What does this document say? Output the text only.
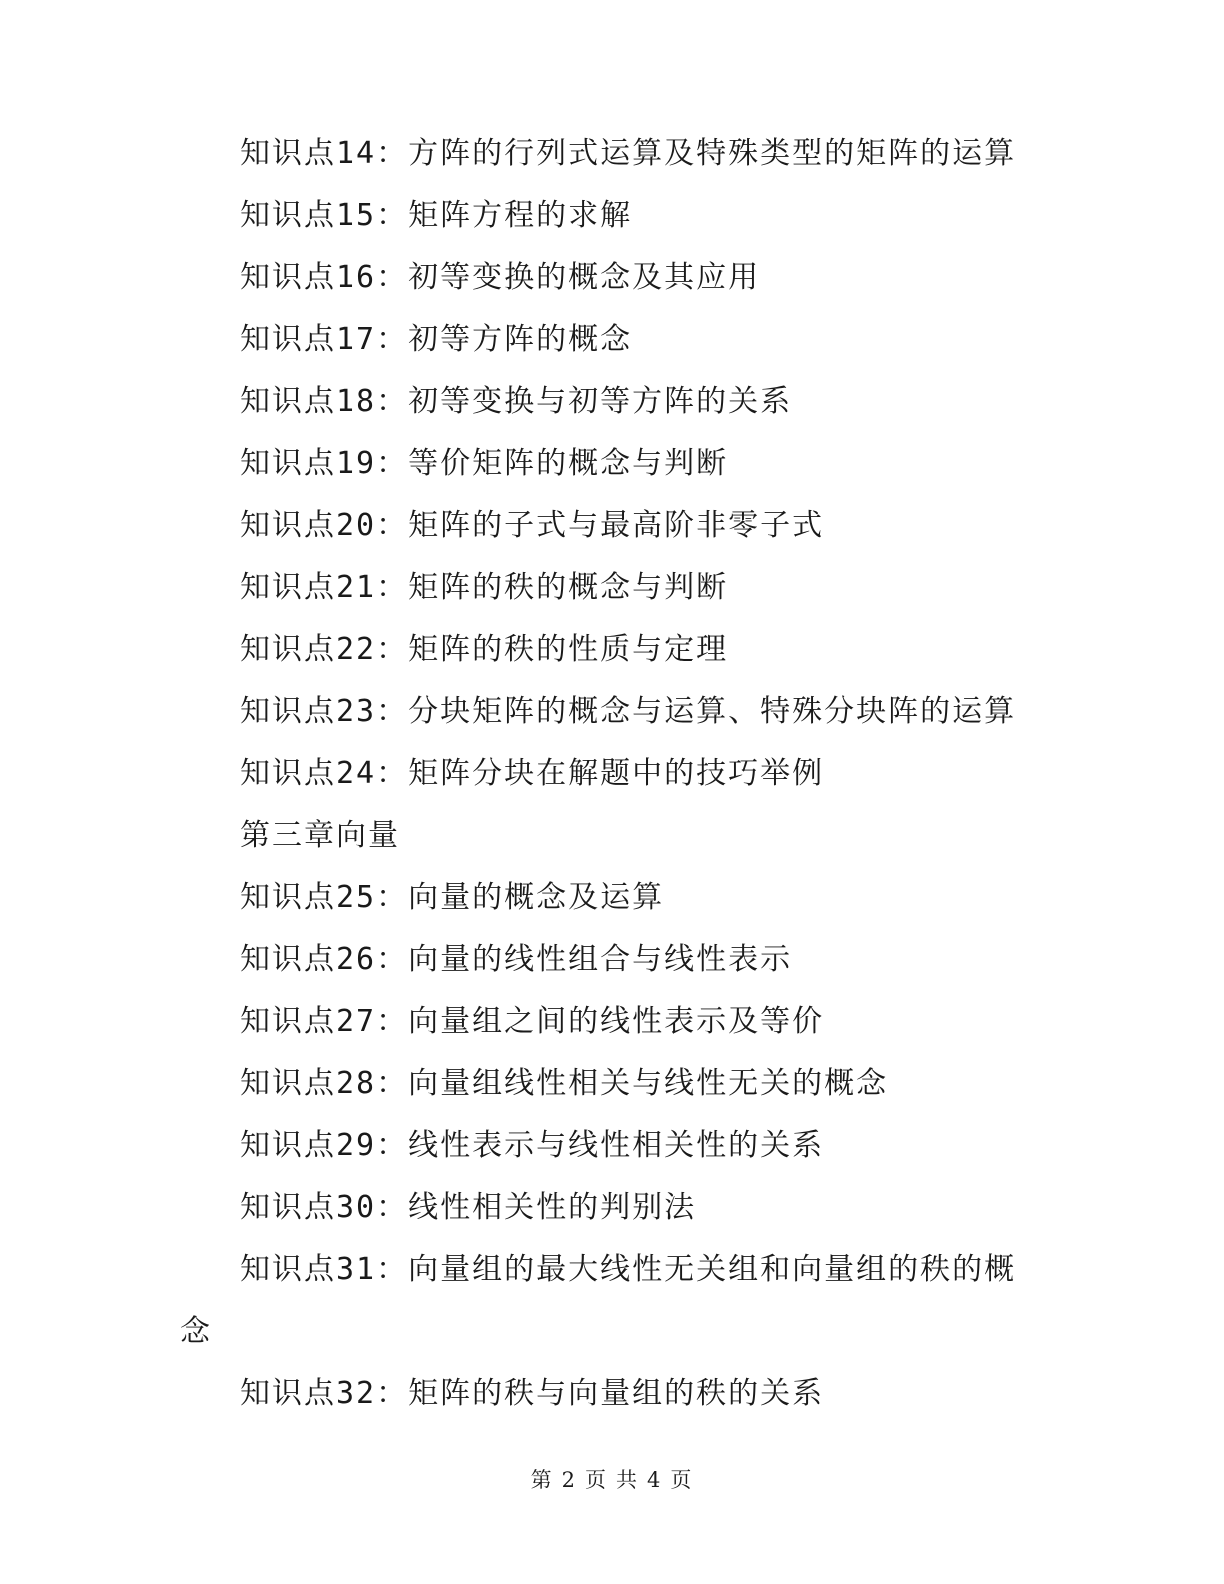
知识点14：方阵的行列式运算及特殊类型的矩阵的运算
知识点15：矩阵方程的求解
知识点16：初等变换的概念及其应用
知识点17：初等方阵的概念
知识点18：初等变换与初等方阵的关系
知识点19：等价矩阵的概念与判断
知识点20：矩阵的子式与最高阶非零子式
知识点21：矩阵的秩的概念与判断
知识点22：矩阵的秩的性质与定理
知识点23：分块矩阵的概念与运算、特殊分块阵的运算
知识点24：矩阵分块在解题中的技巧举例
第三章向量
知识点25：向量的概念及运算
知识点26：向量的线性组合与线性表示
知识点27：向量组之间的线性表示及等价
知识点28：向量组线性相关与线性无关的概念
知识点29：线性表示与线性相关性的关系
知识点30：线性相关性的判别法
知识点31：向量组的最大线性无关组和向量组的秩的概
念
知识点32：矩阵的秩与向量组的秩的关系
第 2 页 共 4 页
